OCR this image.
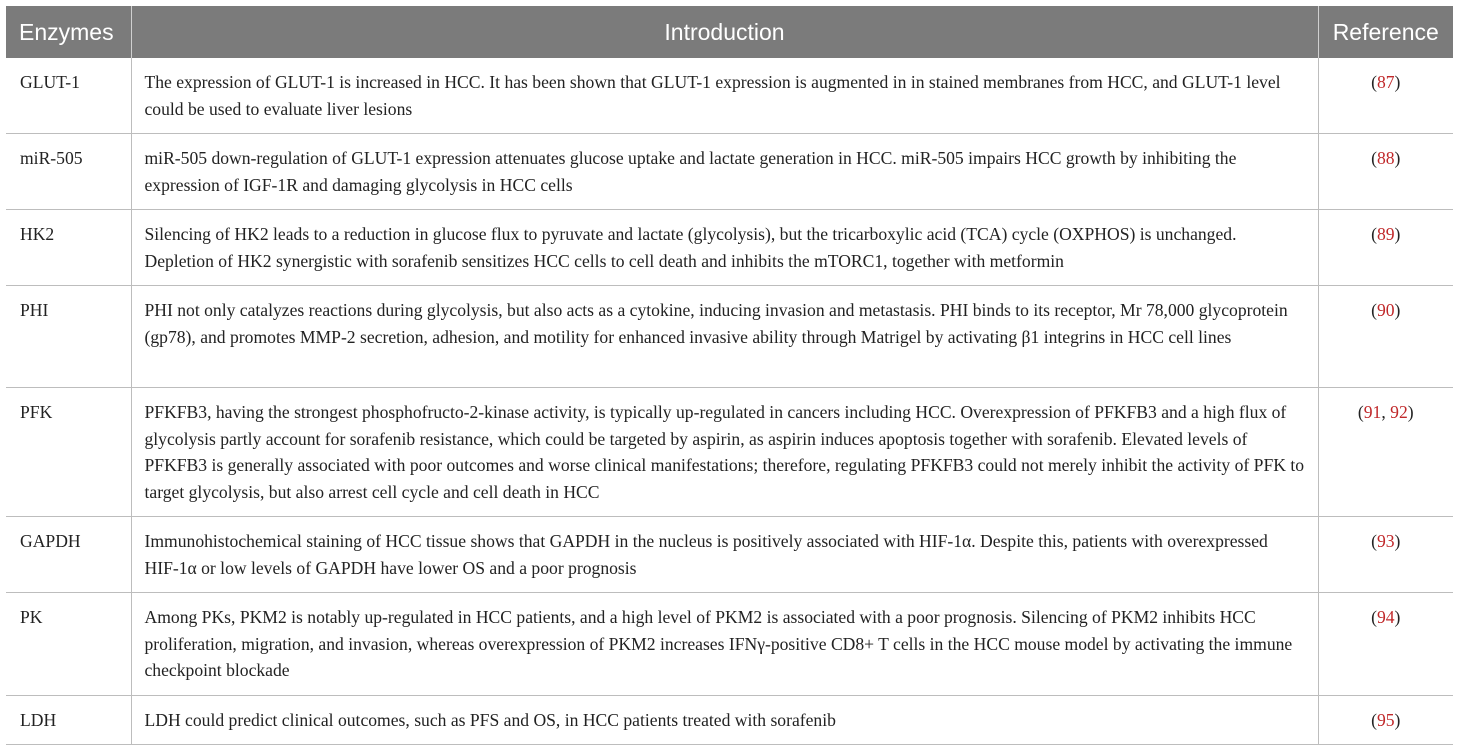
Enzymes	Introduction	Reference
GLUT-1	The expression of GLUT-1 is increased in HCC. It has been shown that GLUT-1 expression is augmented in in stained membranes from HCC, and GLUT-1 level could be used to evaluate liver lesions	(87)
miR-505	miR-505 down-regulation of GLUT-1 expression attenuates glucose uptake and lactate generation in HCC. miR-505 impairs HCC growth by inhibiting the expression of IGF-1R and damaging glycolysis in HCC cells	(88)
HK2	Silencing of HK2 leads to a reduction in glucose flux to pyruvate and lactate (glycolysis), but the tricarboxylic acid (TCA) cycle (OXPHOS) is unchanged. Depletion of HK2 synergistic with sorafenib sensitizes HCC cells to cell death and inhibits the mTORC1, together with metformin	(89)
PHI	PHI not only catalyzes reactions during glycolysis, but also acts as a cytokine, inducing invasion and metastasis. PHI binds to its receptor, Mr 78,000 glycoprotein (gp78), and promotes MMP-2 secretion, adhesion, and motility for enhanced invasive ability through Matrigel by activating β1 integrins in HCC cell lines	(90)
PFK	PFKFB3, having the strongest phosphofructo-2-kinase activity, is typically up-regulated in cancers including HCC. Overexpression of PFKFB3 and a high flux of glycolysis partly account for sorafenib resistance, which could be targeted by aspirin, as aspirin induces apoptosis together with sorafenib. Elevated levels of PFKFB3 is generally associated with poor outcomes and worse clinical manifestations; therefore, regulating PFKFB3 could not merely inhibit the activity of PFK to target glycolysis, but also arrest cell cycle and cell death in HCC	(91, 92)
GAPDH	Immunohistochemical staining of HCC tissue shows that GAPDH in the nucleus is positively associated with HIF-1α. Despite this, patients with overexpressed HIF-1α or low levels of GAPDH have lower OS and a poor prognosis	(93)
PK	Among PKs, PKM2 is notably up-regulated in HCC patients, and a high level of PKM2 is associated with a poor prognosis. Silencing of PKM2 inhibits HCC proliferation, migration, and invasion, whereas overexpression of PKM2 increases IFNγ-positive CD8+ T cells in the HCC mouse model by activating the immune checkpoint blockade	(94)
LDH	LDH could predict clinical outcomes, such as PFS and OS, in HCC patients treated with sorafenib	(95)
